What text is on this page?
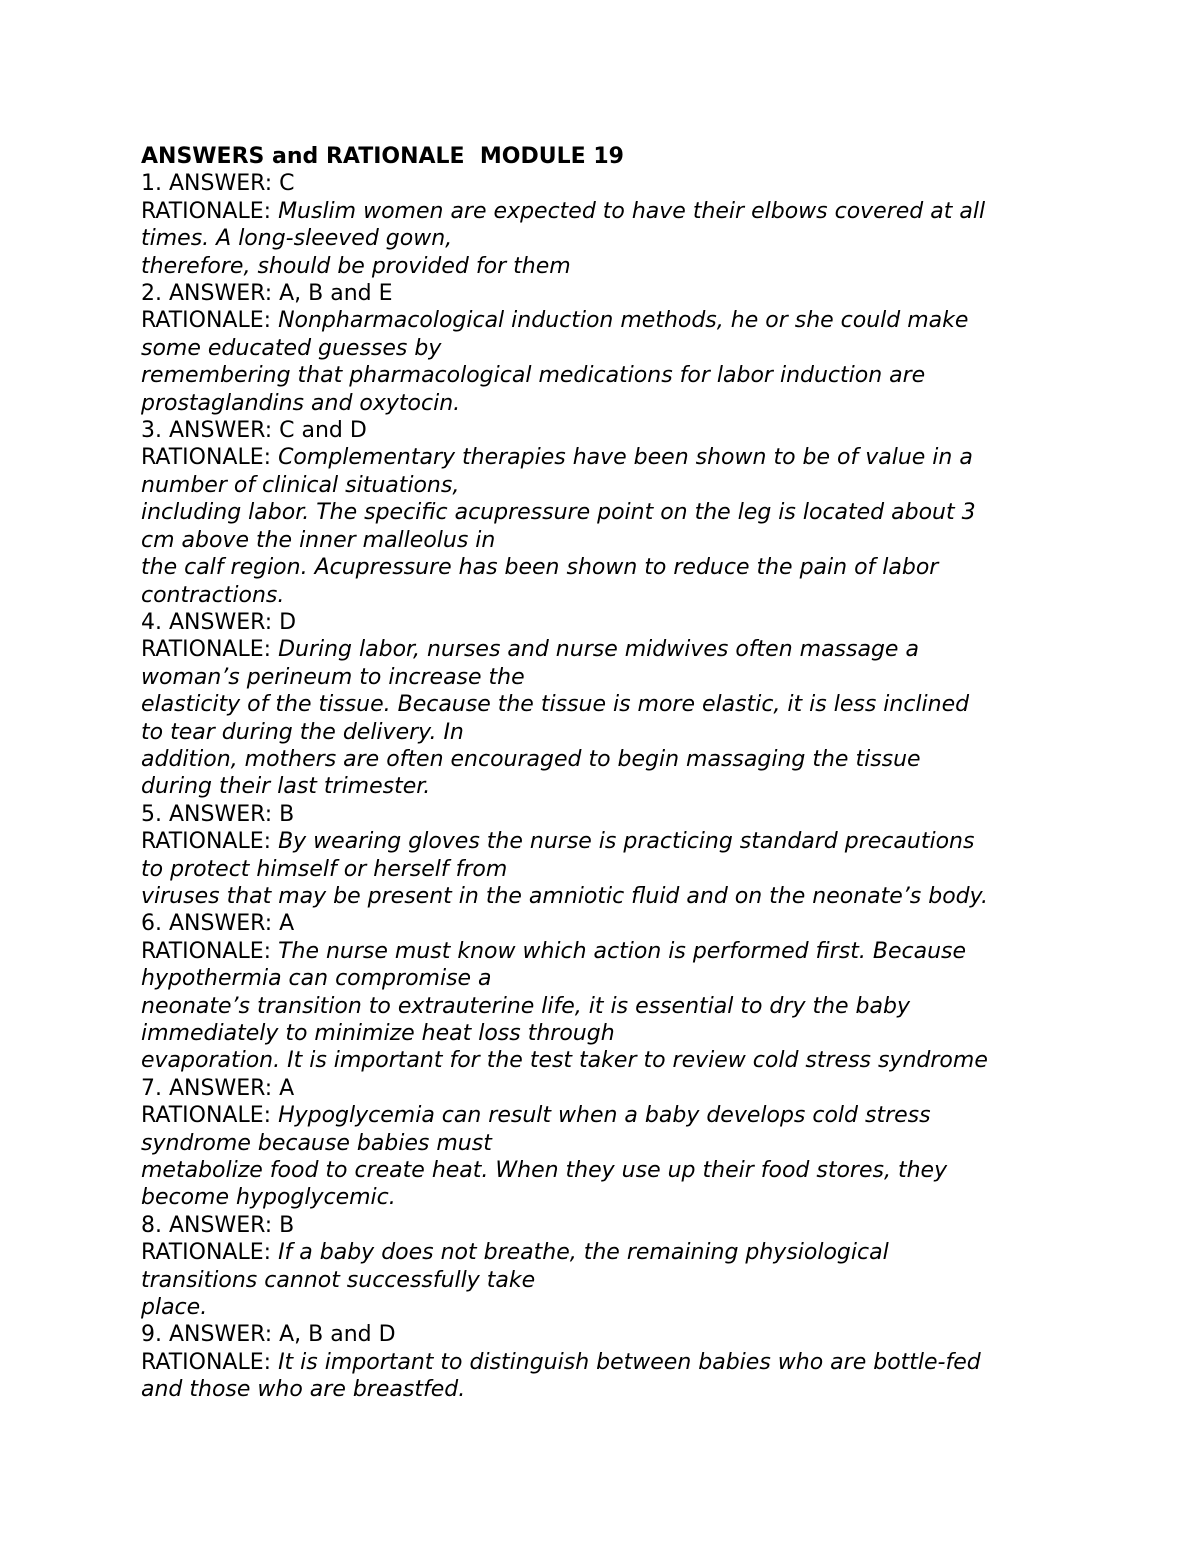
ANSWERS and RATIONALE  MODULE 19
1. ANSWER: C
RATIONALE: Muslim women are expected to have their elbows covered at all
times. A long-sleeved gown,
therefore, should be provided for them
2. ANSWER: A, B and E
RATIONALE: Nonpharmacological induction methods, he or she could make
some educated guesses by
remembering that pharmacological medications for labor induction are
prostaglandins and oxytocin.
3. ANSWER: C and D
RATIONALE: Complementary therapies have been shown to be of value in a
number of clinical situations,
including labor. The specific acupressure point on the leg is located about 3
cm above the inner malleolus in
the calf region. Acupressure has been shown to reduce the pain of labor
contractions.
4. ANSWER: D
RATIONALE: During labor, nurses and nurse midwives often massage a
woman’s perineum to increase the
elasticity of the tissue. Because the tissue is more elastic, it is less inclined
to tear during the delivery. In
addition, mothers are often encouraged to begin massaging the tissue
during their last trimester.
5. ANSWER: B
RATIONALE: By wearing gloves the nurse is practicing standard precautions
to protect himself or herself from
viruses that may be present in the amniotic fluid and on the neonate’s body.
6. ANSWER: A
RATIONALE: The nurse must know which action is performed first. Because
hypothermia can compromise a
neonate’s transition to extrauterine life, it is essential to dry the baby
immediately to minimize heat loss through
evaporation. It is important for the test taker to review cold stress syndrome
7. ANSWER: A
RATIONALE: Hypoglycemia can result when a baby develops cold stress
syndrome because babies must
metabolize food to create heat. When they use up their food stores, they
become hypoglycemic.
8. ANSWER: B
RATIONALE: If a baby does not breathe, the remaining physiological
transitions cannot successfully take
place.
9. ANSWER: A, B and D
RATIONALE: It is important to distinguish between babies who are bottle-fed
and those who are breastfed.
